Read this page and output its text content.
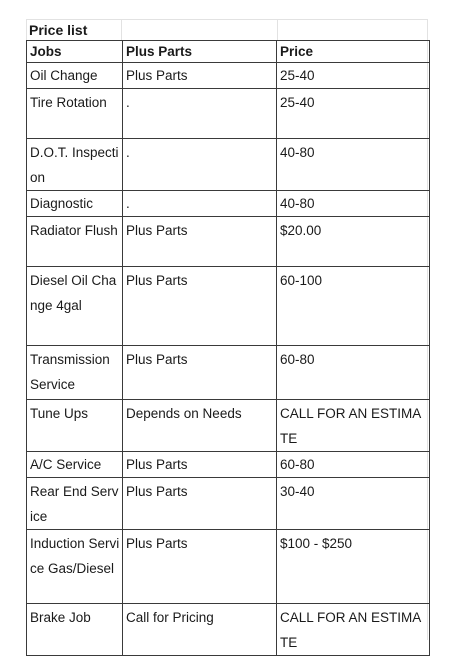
Price list
Jobs	Plus Parts	Price
Oil Change	Plus Parts	25-40
Tire Rotation	.	25-40
D.O.T. Inspection	.	40-80
Diagnostic	.	40-80
Radiator Flush	Plus Parts	$20.00
Diesel Oil Change 4gal	Plus Parts	60-100
Transmission Service	Plus Parts	60-80
Tune Ups	Depends on Needs	CALL FOR AN ESTIMATE
A/C Service	Plus Parts	60-80
Rear End Service	Plus Parts	30-40
Induction Service Gas/Diesel	Plus Parts	$100 - $250
Brake Job	Call for Pricing	CALL FOR AN ESTIMATE
